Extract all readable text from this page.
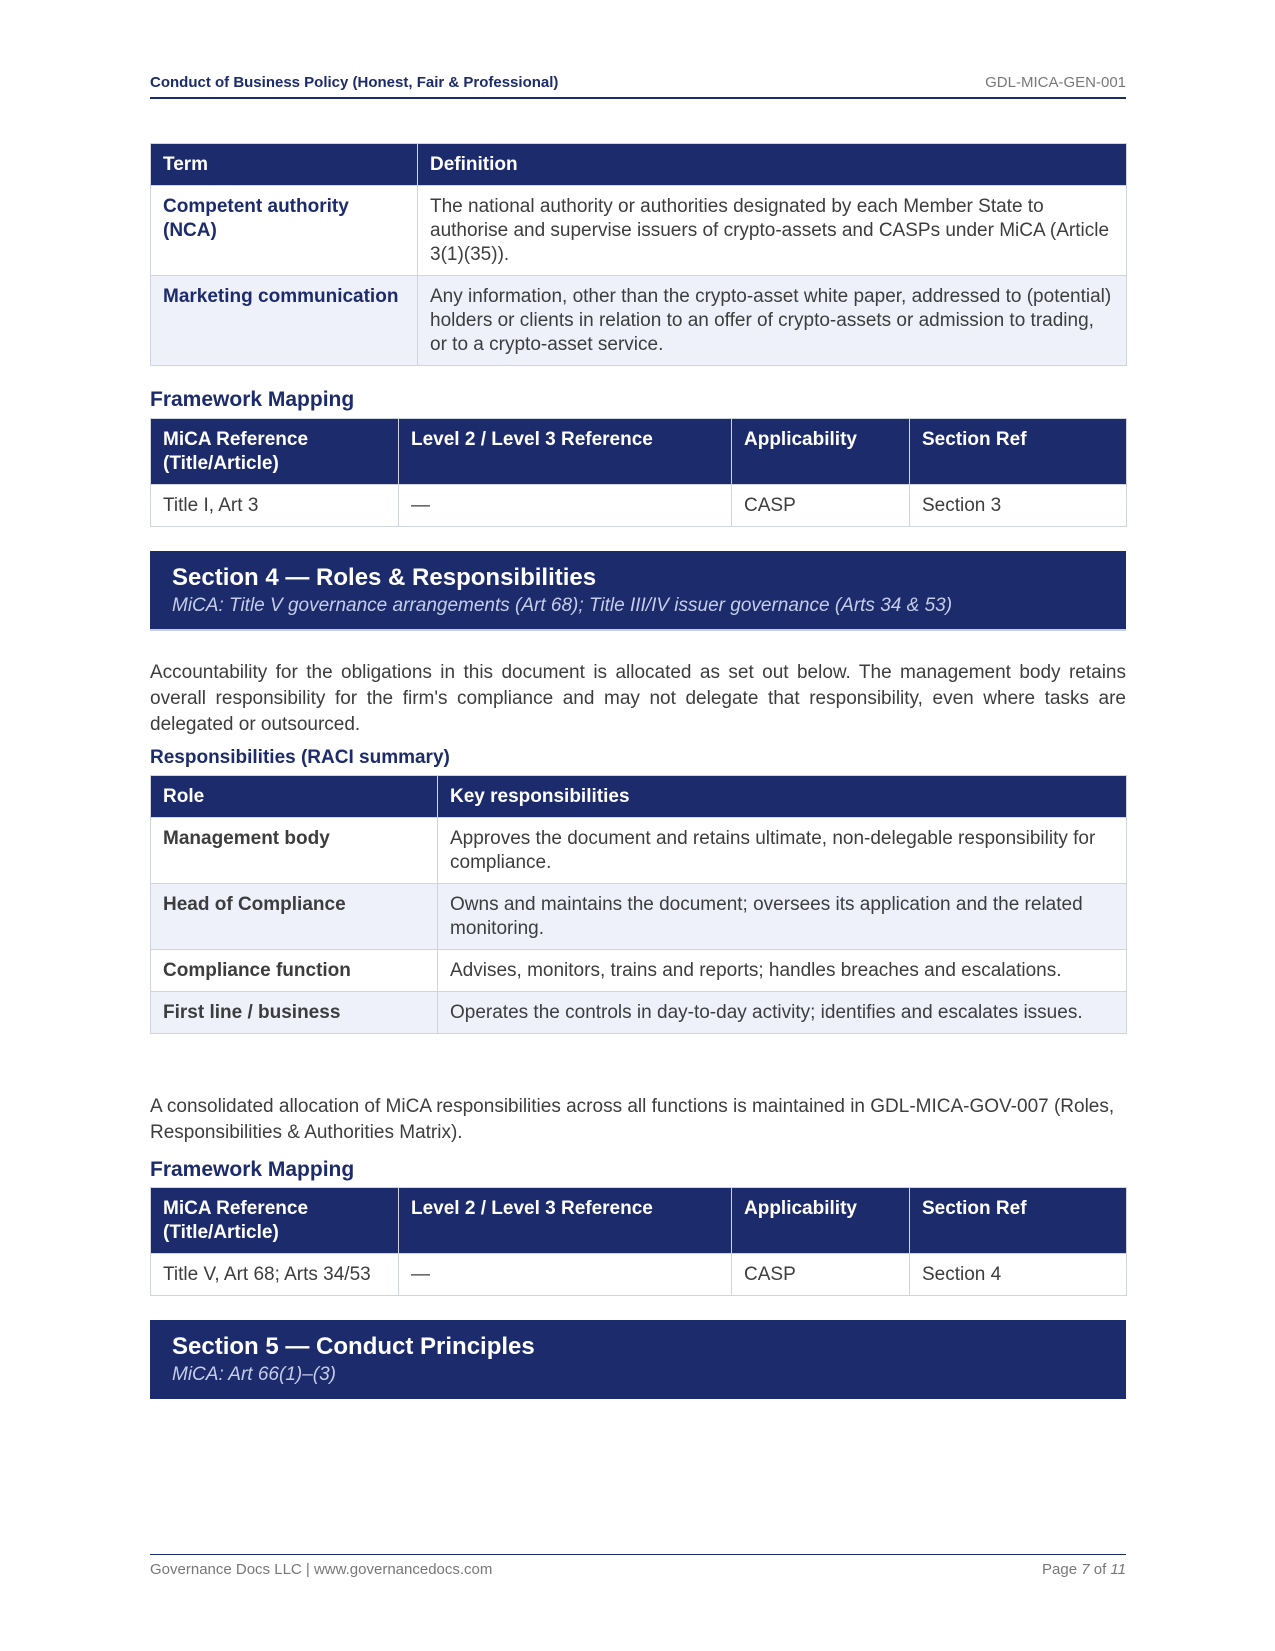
Conduct of Business Policy (Honest, Fair & Professional)	GDL-MICA-GEN-001
Term	Definition
Competent authority (NCA)	The national authority or authorities designated by each Member State to authorise and supervise issuers of crypto-assets and CASPs under MiCA (Article 3(1)(35)).
Marketing communication	Any information, other than the crypto-asset white paper, addressed to (potential) holders or clients in relation to an offer of crypto-assets or admission to trading, or to a crypto-asset service.
Framework Mapping
MiCA Reference (Title/Article)	Level 2 / Level 3 Reference	Applicability	Section Ref
Title I, Art 3	—	CASP	Section 3
Section 4 — Roles & Responsibilities
MiCA: Title V governance arrangements (Art 68); Title III/IV issuer governance (Arts 34 & 53)
Accountability for the obligations in this document is allocated as set out below. The management body retains overall responsibility for the firm's compliance and may not delegate that responsibility, even where tasks are delegated or outsourced.
Responsibilities (RACI summary)
Role	Key responsibilities
Management body	Approves the document and retains ultimate, non-delegable responsibility for compliance.
Head of Compliance	Owns and maintains the document; oversees its application and the related monitoring.
Compliance function	Advises, monitors, trains and reports; handles breaches and escalations.
First line / business	Operates the controls in day-to-day activity; identifies and escalates issues.
A consolidated allocation of MiCA responsibilities across all functions is maintained in GDL-MICA-GOV-007 (Roles, Responsibilities & Authorities Matrix).
Framework Mapping
MiCA Reference (Title/Article)	Level 2 / Level 3 Reference	Applicability	Section Ref
Title V, Art 68; Arts 34/53	—	CASP	Section 4
Section 5 — Conduct Principles
MiCA: Art 66(1)–(3)
Governance Docs LLC | www.governancedocs.com	Page 7 of 11
